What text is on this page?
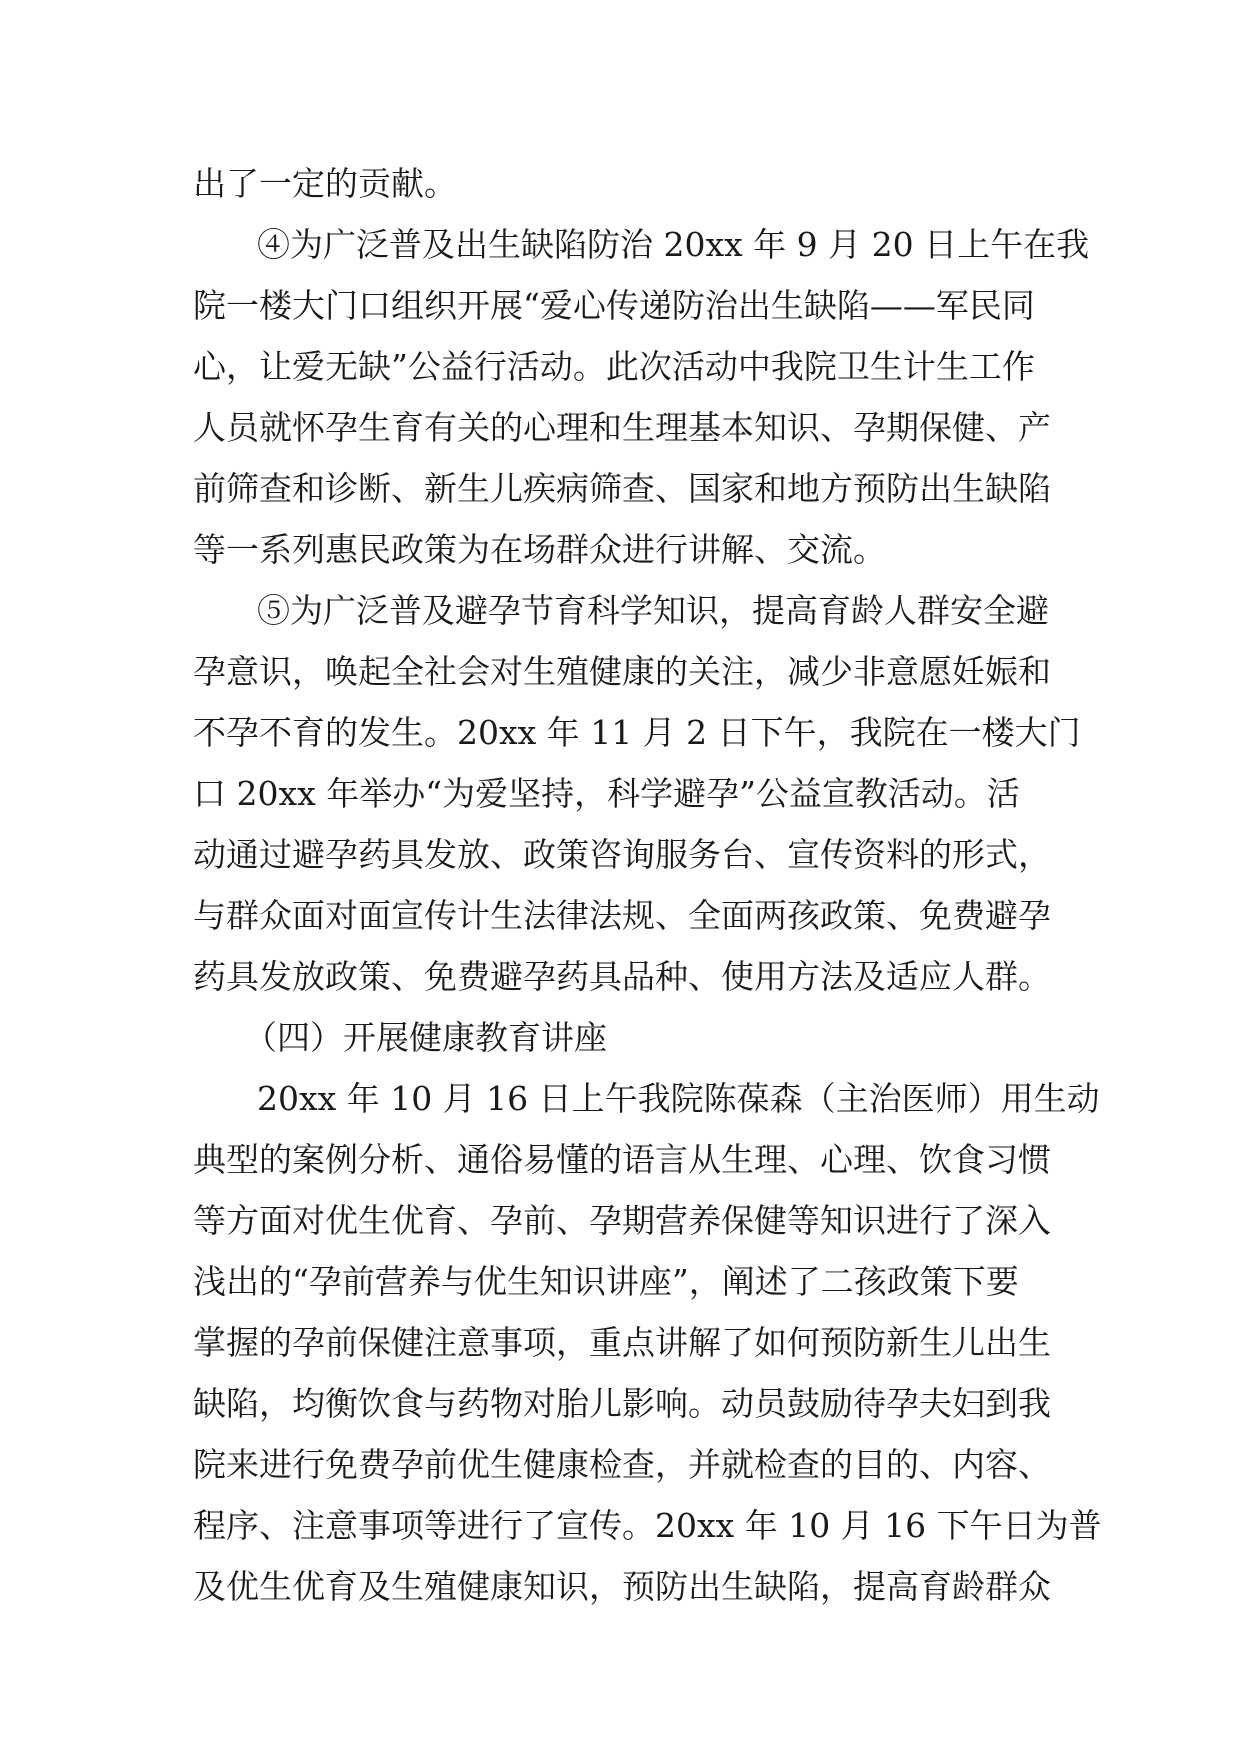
出了一定的贡献。
④为广泛普及出生缺陷防治 20xx 年 9 月 20 日上午在我
院一楼大门口组织开展“爱心传递防治出生缺陷——军民同
心，让爱无缺”公益行活动。此次活动中我院卫生计生工作
人员就怀孕生育有关的心理和生理基本知识、孕期保健、产
前筛查和诊断、新生儿疾病筛查、国家和地方预防出生缺陷
等一系列惠民政策为在场群众进行讲解、交流。
⑤为广泛普及避孕节育科学知识，提高育龄人群安全避
孕意识，唤起全社会对生殖健康的关注，减少非意愿妊娠和
不孕不育的发生。20xx 年 11 月 2 日下午，我院在一楼大门
口 20xx 年举办“为爱坚持，科学避孕”公益宣教活动。活
动通过避孕药具发放、政策咨询服务台、宣传资料的形式，
与群众面对面宣传计生法律法规、全面两孩政策、免费避孕
药具发放政策、免费避孕药具品种、使用方法及适应人群。
（四）开展健康教育讲座
20xx 年 10 月 16 日上午我院陈葆森（主治医师）用生动
典型的案例分析、通俗易懂的语言从生理、心理、饮食习惯
等方面对优生优育、孕前、孕期营养保健等知识进行了深入
浅出的“孕前营养与优生知识讲座”，阐述了二孩政策下要
掌握的孕前保健注意事项，重点讲解了如何预防新生儿出生
缺陷，均衡饮食与药物对胎儿影响。动员鼓励待孕夫妇到我
院来进行免费孕前优生健康检查，并就检查的目的、内容、
程序、注意事项等进行了宣传。20xx 年 10 月 16 下午日为普
及优生优育及生殖健康知识，预防出生缺陷，提高育龄群众
